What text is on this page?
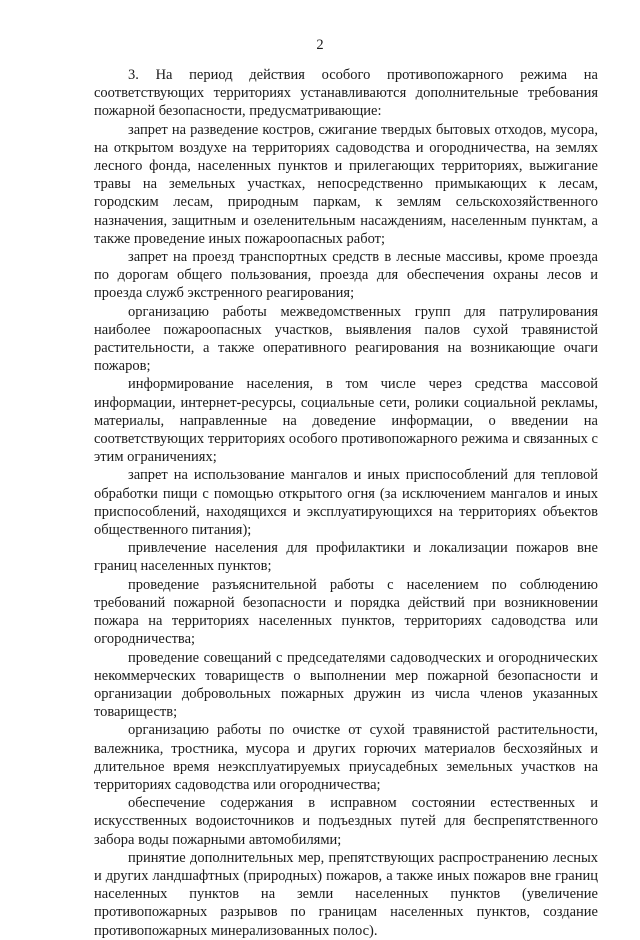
2

3. На период действия особого противопожарного режима на соответствующих территориях устанавливаются дополнительные требования пожарной безопасности, предусматривающие:

запрет на разведение костров, сжигание твердых бытовых отходов, мусора, на открытом воздухе на территориях садоводства и огородничества, на землях лесного фонда, населенных пунктов и прилегающих территориях, выжигание травы на земельных участках, непосредственно примыкающих к лесам, городским лесам, природным паркам, к землям сельскохозяйственного назначения, защитным и озеленительным насаждениям, населенным пунктам, а также проведение иных пожароопасных работ;

запрет на проезд транспортных средств в лесные массивы, кроме проезда по дорогам общего пользования, проезда для обеспечения охраны лесов и проезда служб экстренного реагирования;

организацию работы межведомственных групп для патрулирования наиболее пожароопасных участков, выявления палов сухой травянистой растительности, а также оперативного реагирования на возникающие очаги пожаров;

информирование населения, в том числе через средства массовой информации, интернет-ресурсы, социальные сети, ролики социальной рекламы, материалы, направленные на доведение информации, о введении на соответствующих территориях особого противопожарного режима и связанных с этим ограничениях;

запрет на использование мангалов и иных приспособлений для тепловой обработки пищи с помощью открытого огня (за исключением мангалов и иных приспособлений, находящихся и эксплуатирующихся на территориях объектов общественного питания);

привлечение населения для профилактики и локализации пожаров вне границ населенных пунктов;

проведение разъяснительной работы с населением по соблюдению требований пожарной безопасности и порядка действий при возникновении пожара на территориях населенных пунктов, территориях садоводства или огородничества;

проведение совещаний с председателями садоводческих и огороднических некоммерческих товариществ о выполнении мер пожарной безопасности и организации добровольных пожарных дружин из числа членов указанных товариществ;

организацию работы по очистке от сухой травянистой растительности, валежника, тростника, мусора и других горючих материалов бесхозяйных и длительное время неэксплуатируемых приусадебных земельных участков на территориях садоводства или огородничества;

обеспечение содержания в исправном состоянии естественных и искусственных водоисточников и подъездных путей для беспрепятственного забора воды пожарными автомобилями;

принятие дополнительных мер, препятствующих распространению лесных и других ландшафтных (природных) пожаров, а также иных пожаров вне границ населенных пунктов на земли населенных пунктов (увеличение противопожарных разрывов по границам населенных пунктов, создание противопожарных минерализованных полос).
